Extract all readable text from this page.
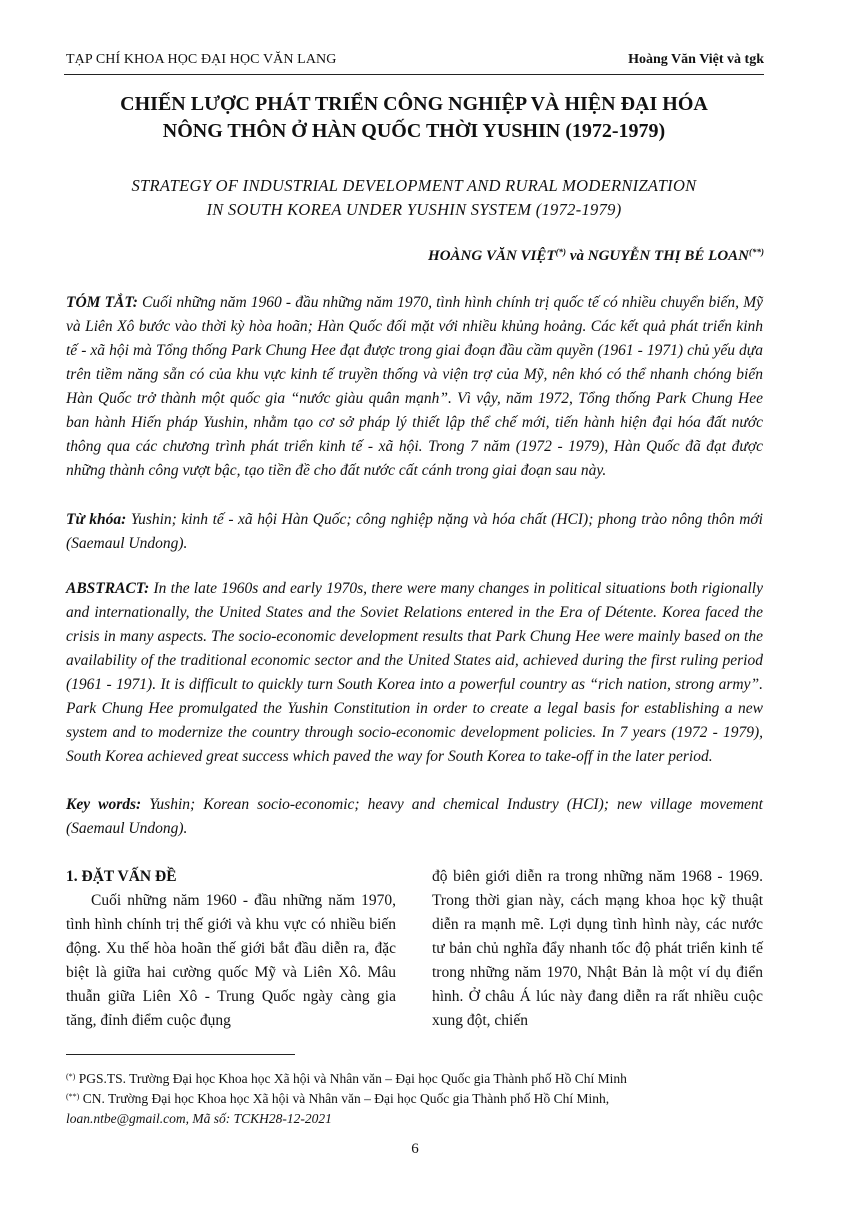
TẠP CHÍ KHOA HỌC ĐẠI HỌC VĂN LANG	Hoàng Văn Việt và tgk
CHIẾN LƯỢC PHÁT TRIỂN CÔNG NGHIỆP VÀ HIỆN ĐẠI HÓA
NÔNG THÔN Ở HÀN QUỐC THỜI YUSHIN (1972-1979)
STRATEGY OF INDUSTRIAL DEVELOPMENT AND RURAL MODERNIZATION
IN SOUTH KOREA UNDER YUSHIN SYSTEM (1972-1979)
HOÀNG VĂN VIỆT(*) và NGUYỄN THỊ BÉ LOAN(**)
TÓM TẮT: Cuối những năm 1960 - đầu những năm 1970, tình hình chính trị quốc tế có nhiều chuyển biến, Mỹ và Liên Xô bước vào thời kỳ hòa hoãn; Hàn Quốc đối mặt với nhiều khủng hoảng. Các kết quả phát triển kinh tế - xã hội mà Tổng thống Park Chung Hee đạt được trong giai đoạn đầu cầm quyền (1961 - 1971) chủ yếu dựa trên tiềm năng sẵn có của khu vực kinh tế truyền thống và viện trợ của Mỹ, nên khó có thể nhanh chóng biến Hàn Quốc trở thành một quốc gia “nước giàu quân mạnh”. Vì vậy, năm 1972, Tổng thống Park Chung Hee ban hành Hiến pháp Yushin, nhằm tạo cơ sở pháp lý thiết lập thể chế mới, tiến hành hiện đại hóa đất nước thông qua các chương trình phát triển kinh tế - xã hội. Trong 7 năm (1972 - 1979), Hàn Quốc đã đạt được những thành công vượt bậc, tạo tiền đề cho đất nước cất cánh trong giai đoạn sau này.
Từ khóa: Yushin; kinh tế - xã hội Hàn Quốc; công nghiệp nặng và hóa chất (HCI); phong trào nông thôn mới (Saemaul Undong).
ABSTRACT: In the late 1960s and early 1970s, there were many changes in political situations both rigionally and internationally, the United States and the Soviet Relations entered in the Era of Détente. Korea faced the crisis in many aspects. The socio-economic development results that Park Chung Hee were mainly based on the availability of the traditional economic sector and the United States aid, achieved during the first ruling period (1961 - 1971). It is difficult to quickly turn South Korea into a powerful country as “rich nation, strong army”. Park Chung Hee promulgated the Yushin Constitution in order to create a legal basis for establishing a new system and to modernize the country through socio-economic development policies. In 7 years (1972 - 1979), South Korea achieved great success which paved the way for South Korea to take-off in the later period.
Key words: Yushin; Korean socio-economic; heavy and chemical Industry (HCI); new village movement (Saemaul Undong).
1. ĐẶT VẤN ĐỀ
Cuối những năm 1960 - đầu những năm 1970, tình hình chính trị thế giới và khu vực có nhiều biến động. Xu thế hòa hoãn thế giới bắt đầu diễn ra, đặc biệt là giữa hai cường quốc Mỹ và Liên Xô. Mâu thuẫn giữa Liên Xô - Trung Quốc ngày càng gia tăng, đỉnh điểm cuộc đụng
độ biên giới diễn ra trong những năm 1968 - 1969. Trong thời gian này, cách mạng khoa học kỹ thuật diễn ra mạnh mẽ. Lợi dụng tình hình này, các nước tư bản chủ nghĩa đẩy nhanh tốc độ phát triển kinh tế trong những năm 1970, Nhật Bản là một ví dụ điển hình. Ở châu Á lúc này đang diễn ra rất nhiều cuộc xung đột, chiến
(*) PGS.TS. Trường Đại học Khoa học Xã hội và Nhân văn – Đại học Quốc gia Thành phố Hồ Chí Minh
(**) CN. Trường Đại học Khoa học Xã hội và Nhân văn – Đại học Quốc gia Thành phố Hồ Chí Minh,
loan.ntbe@gmail.com, Mã số: TCKH28-12-2021
6
